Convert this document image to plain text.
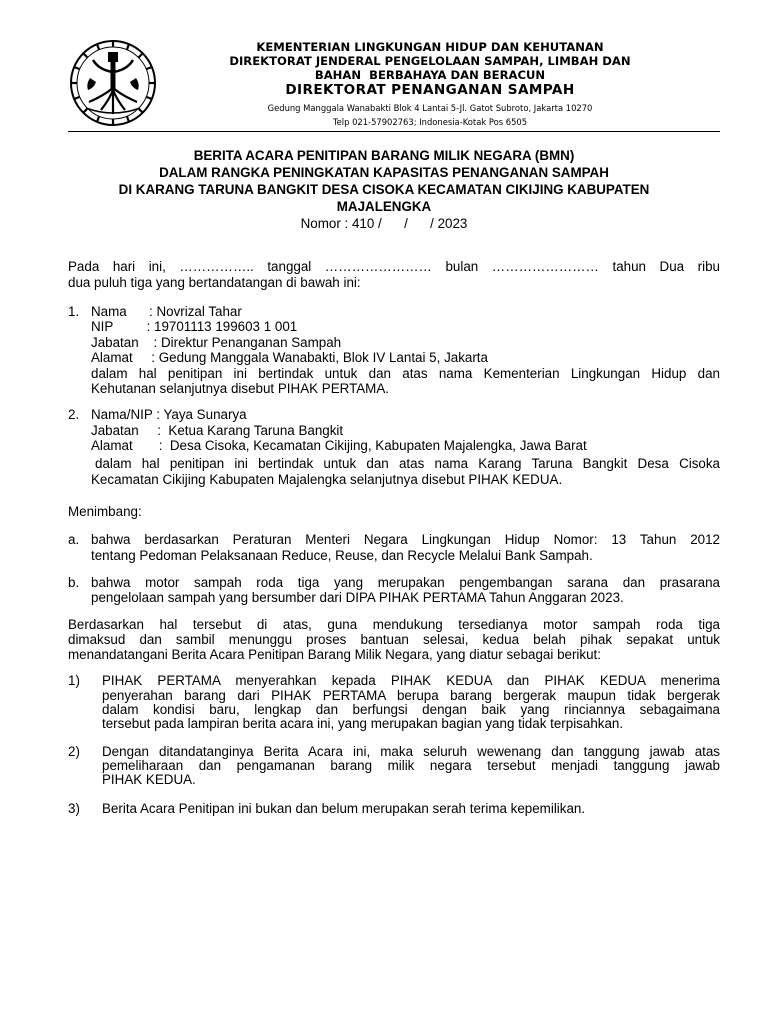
KEMENTERIAN LINGKUNGAN HIDUP DAN KEHUTANAN
DIREKTORAT JENDERAL PENGELOLAAN SAMPAH, LIMBAH DAN
BAHAN  BERBAHAYA DAN BERACUN
DIREKTORAT PENANGANAN SAMPAH
Gedung Manggala Wanabakti Blok 4 Lantai 5-Jl. Gatot Subroto, Jakarta 10270
Telp 021-57902763; Indonesia-Kotak Pos 6505
BERITA ACARA PENITIPAN BARANG MILIK NEGARA (BMN)
DALAM RANGKA PENINGKATAN KAPASITAS PENANGANAN SAMPAH
DI KARANG TARUNA BANGKIT DESA CISOKA KECAMATAN CIKIJING KABUPATEN
MAJALENGKA
Nomor : 410 /      /      / 2023
Pada hari ini, …………….. tanggal …………………… bulan …………………… tahun Dua ribu
dua puluh tiga yang bertandatangan di bawah ini:
1. Nama      : Novrizal Tahar
NIP         : 19701113 199603 1 001
Jabatan    : Direktur Penanganan Sampah
Alamat     : Gedung Manggala Wanabakti, Blok IV Lantai 5, Jakarta
dalam hal penitipan ini bertindak untuk dan atas nama Kementerian Lingkungan Hidup dan
Kehutanan selanjutnya disebut PIHAK PERTAMA.
2. Nama/NIP : Yaya Sunarya
Jabatan     :  Ketua Karang Taruna Bangkit
Alamat       :  Desa Cisoka, Kecamatan Cikijing, Kabupaten Majalengka, Jawa Barat
dalam hal penitipan ini bertindak untuk dan atas nama Karang Taruna Bangkit Desa Cisoka
Kecamatan Cikijing Kabupaten Majalengka selanjutnya disebut PIHAK KEDUA.
Menimbang:
a. bahwa berdasarkan Peraturan Menteri Negara Lingkungan Hidup Nomor: 13 Tahun 2012
tentang Pedoman Pelaksanaan Reduce, Reuse, dan Recycle Melalui Bank Sampah.
b. bahwa motor sampah roda tiga yang merupakan pengembangan sarana dan prasarana
pengelolaan sampah yang bersumber dari DIPA PIHAK PERTAMA Tahun Anggaran 2023.
Berdasarkan hal tersebut di atas, guna mendukung tersedianya motor sampah roda tiga
dimaksud dan sambil menunggu proses bantuan selesai, kedua belah pihak sepakat untuk
menandatangani Berita Acara Penitipan Barang Milik Negara, yang diatur sebagai berikut:
1) PIHAK PERTAMA menyerahkan kepada PIHAK KEDUA dan PIHAK KEDUA menerima
penyerahan barang dari PIHAK PERTAMA berupa barang bergerak maupun tidak bergerak
dalam kondisi baru, lengkap dan berfungsi dengan baik yang rinciannya sebagaimana
tersebut pada lampiran berita acara ini, yang merupakan bagian yang tidak terpisahkan.
2) Dengan ditandatanginya Berita Acara ini, maka seluruh wewenang dan tanggung jawab atas
pemeliharaan dan pengamanan barang milik negara tersebut menjadi tanggung jawab
PIHAK KEDUA.
3) Berita Acara Penitipan ini bukan dan belum merupakan serah terima kepemilikan.
